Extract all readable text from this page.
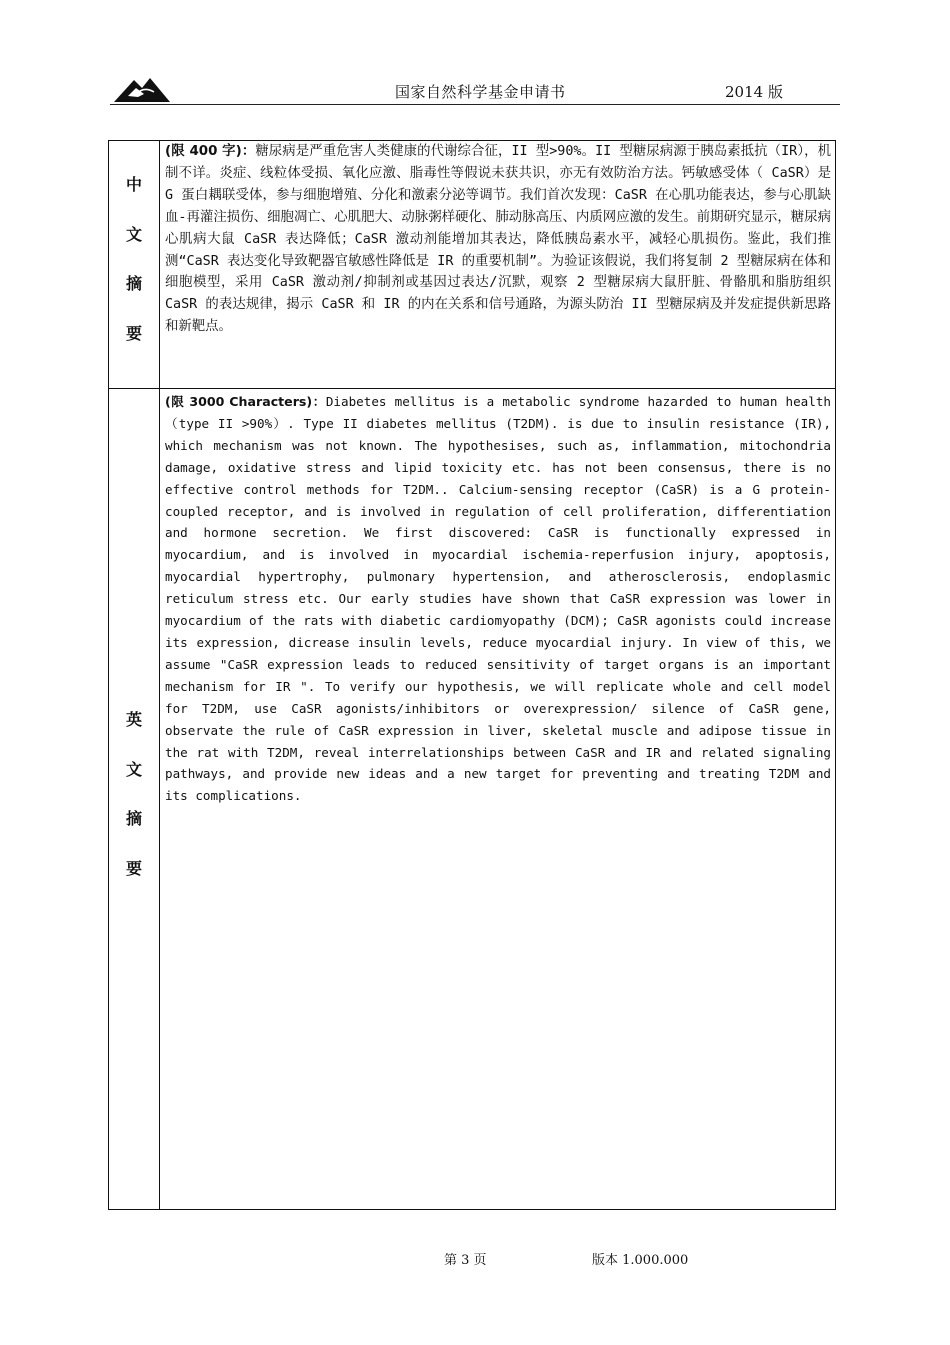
国家自然科学基金申请书	2014 版
中
文
摘
要
(限 400 字)：糖尿病是严重危害人类健康的代谢综合征，II 型>90%。II 型糖尿病源于胰岛素抵抗（IR），机制不详。炎症、线粒体受损、氧化应激、脂毒性等假说未获共识，亦无有效防治方法。钙敏感受体（ CaSR）是 G 蛋白耦联受体，参与细胞增殖、分化和激素分泌等调节。我们首次发现：CaSR 在心肌功能表达，参与心肌缺血-再灌注损伤、细胞凋亡、心肌肥大、动脉粥样硬化、肺动脉高压、内质网应激的发生。前期研究显示，糖尿病心肌病大鼠 CaSR 表达降低；CaSR 激动剂能增加其表达，降低胰岛素水平，减轻心肌损伤。鉴此，我们推测“CaSR 表达变化导致靶器官敏感性降低是 IR 的重要机制”。为验证该假说，我们将复制 2 型糖尿病在体和细胞模型，采用 CaSR 激动剂/抑制剂或基因过表达/沉默，观察 2 型糖尿病大鼠肝脏、骨骼肌和脂肪组织 CaSR 的表达规律，揭示 CaSR 和 IR 的内在关系和信号通路，为源头防治 II 型糖尿病及并发症提供新思路和新靶点。
英
文
摘
要
(限 3000 Characters)：Diabetes mellitus is a metabolic syndrome hazarded to human health（type II >90%）. Type II diabetes mellitus (T2DM). is due to insulin resistance (IR), which mechanism was not known. The hypothesises, such as, inflammation, mitochondria damage, oxidative stress and lipid toxicity etc. has not been consensus, there is no effective control methods for T2DM.. Calcium-sensing receptor (CaSR) is a G protein-coupled receptor, and is involved in regulation of cell proliferation, differentiation and hormone secretion. We first discovered: CaSR is functionally expressed in myocardium, and is involved in myocardial ischemia-reperfusion injury, apoptosis, myocardial hypertrophy, pulmonary hypertension, and atherosclerosis, endoplasmic reticulum stress etc. Our early studies have shown that CaSR expression was lower in myocardium of the rats with diabetic cardiomyopathy (DCM); CaSR agonists could increase its expression, dicrease insulin levels, reduce myocardial injury. In view of this, we assume "CaSR expression leads to reduced sensitivity of target organs is an important mechanism for IR ". To verify our hypothesis, we will replicate whole and cell model for T2DM, use CaSR agonists/inhibitors or overexpression/ silence of CaSR gene, observate the rule of CaSR expression in liver, skeletal muscle and adipose tissue in the rat with T2DM, reveal interrelationships between CaSR and IR and related signaling pathways, and provide new ideas and a new target for preventing and treating T2DM and its complications.
第 3 页	版本 1.000.000
